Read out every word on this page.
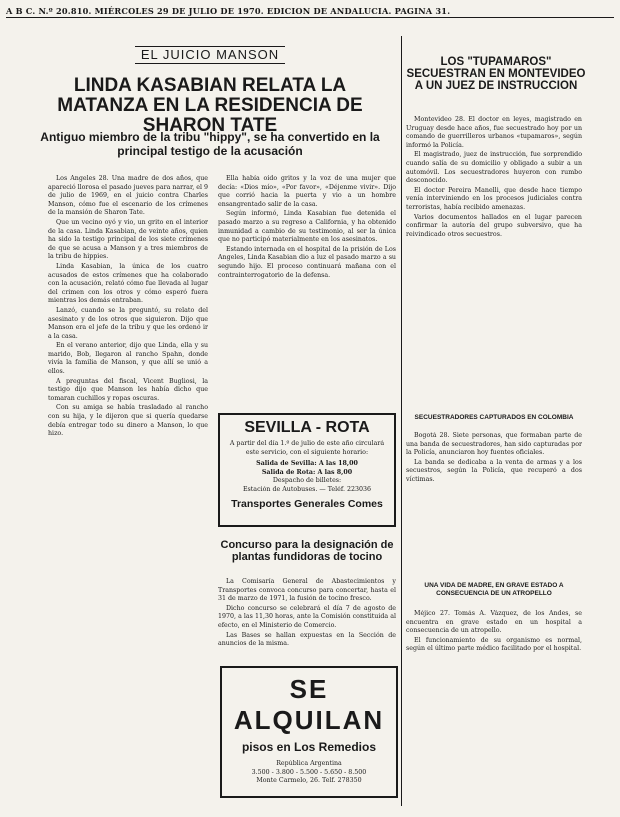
A B C. N.º 20.810. MIÉRCOLES 29 DE JULIO DE 1970. EDICION DE ANDALUCIA. PAGINA 31.
EL JUICIO MANSON
LINDA KASABIAN RELATA LA MATANZA EN LA RESIDENCIA DE SHARON TATE
Antiguo miembro de la tribu "hippy", se ha convertido en la principal testigo de la acusación

Los Angeles 28. Una madre de dos años, que apareció llorosa el pasado jueves para narrar, el 9 de julio de 1969, en el juicio contra Charles Manson, cómo fue el escenario de los crímenes de la mansión de Sharon Tate.

Que un vecino oyó y vio, un grito en el interior de la casa. Linda Kasabian, de veinte años, quien ha sido la testigo principal de los siete crímenes de que se acusa a Manson y a tres miembros de la tribu de hippies.

Linda Kasabian, la única de los cuatro acusados de estos crímenes que ha colaborado con la acusación, relató cómo fue llevada al lugar del crimen con los otros y cómo esperó fuera mientras los demás entraban.

Lanzó, cuando se la preguntó, su relato del asesinato y de los otros que siguieron. Dijo que Manson era el jefe de la tribu y que les ordenó ir a la casa.

En el verano anterior, dijo que Linda, ella y su marido, Bob, llegaron al rancho Spahn, donde vivía la familia de Manson, y que allí se unió a ellos.

A preguntas del fiscal, Vicent Bugliosi, la testigo dijo que Manson les había dicho que tomaran cuchillos y ropas oscuras.

Con su amiga se había trasladado al rancho con su hija, y le dijeron que si quería quedarse debía entregar todo su dinero a Manson, lo que hizo.

Ella había oído gritos y la voz de una mujer que decía: «Dios mío», «Por favor», «Déjenme vivir». Dijo que corrió hacia la puerta y vio a un hombre ensangrentado salir de la casa.

Según informó, Linda Kasabian fue detenida el pasado marzo a su regreso a California, y ha obtenido inmunidad a cambio de su testimonio, al ser la única que no participó materialmente en los asesinatos.

Estando internada en el hospital de la prisión de Los Angeles, Linda Kasabian dio a luz el pasado marzo a su segundo hijo. El proceso continuará mañana con el contrainterrogatorio de la defensa.

SEVILLA - ROTA
A partir del día 1.º de julio de este año circulará este servicio, con el siguiente horario:
Salida de Sevilla: A las 18,00
Salida de Rota: A las 8,00
Despacho de billetes:
Estación de Autobuses. — Teléf. 223036
Transportes Generales Comes
Concurso para la designación de plantas fundidoras de tocino

La Comisaría General de Abastecimientos y Transportes convoca concurso para concertar, hasta el 31 de marzo de 1971, la fusión de tocino fresco.

Dicho concurso se celebrará el día 7 de agosto de 1970, a las 11,30 horas, ante la Comisión constituida al efecto, en el Ministerio de Comercio.

Las Bases se hallan expuestas en la Sección de anuncios de la misma.

SE ALQUILAN
pisos en Los Remedios
República Argentina
3.500 - 3.800 - 5.500 - 5.650 - 8.500
Monte Carmelo, 26. Telf. 278350
LOS "TUPAMAROS" SECUESTRAN EN MONTEVIDEO A UN JUEZ DE INSTRUCCION

Montevideo 28. El doctor en leyes, magistrado en Uruguay desde hace años, fue secuestrado hoy por un comando de guerrilleros urbanos «tupamaros», según informó la Policía.

El magistrado, juez de instrucción, fue sorprendido cuando salía de su domicilio y obligado a subir a un automóvil. Los secuestradores huyeron con rumbo desconocido.

El doctor Pereira Manelli, que desde hace tiempo venía interviniendo en los procesos judiciales contra terroristas, había recibido amenazas.

Varios documentos hallados en el lugar parecen confirmar la autoría del grupo subversivo, que ha reivindicado otros secuestros.

SECUESTRADORES CAPTURADOS EN COLOMBIA

Bogotá 28. Siete personas, que formaban parte de una banda de secuestradores, han sido capturadas por la Policía, anunciaron hoy fuentes oficiales.

La banda se dedicaba a la venta de armas y a los secuestros, según la Policía, que recuperó a dos víctimas.

UNA VIDA DE MADRE, EN GRAVE ESTADO A CONSECUENCIA DE UN ATROPELLO

Méjico 27. Tomás A. Vázquez, de los Andes, se encuentra en grave estado en un hospital a consecuencia de un atropello.

El funcionamiento de su organismo es normal, según el último parte médico facilitado por el hospital.
